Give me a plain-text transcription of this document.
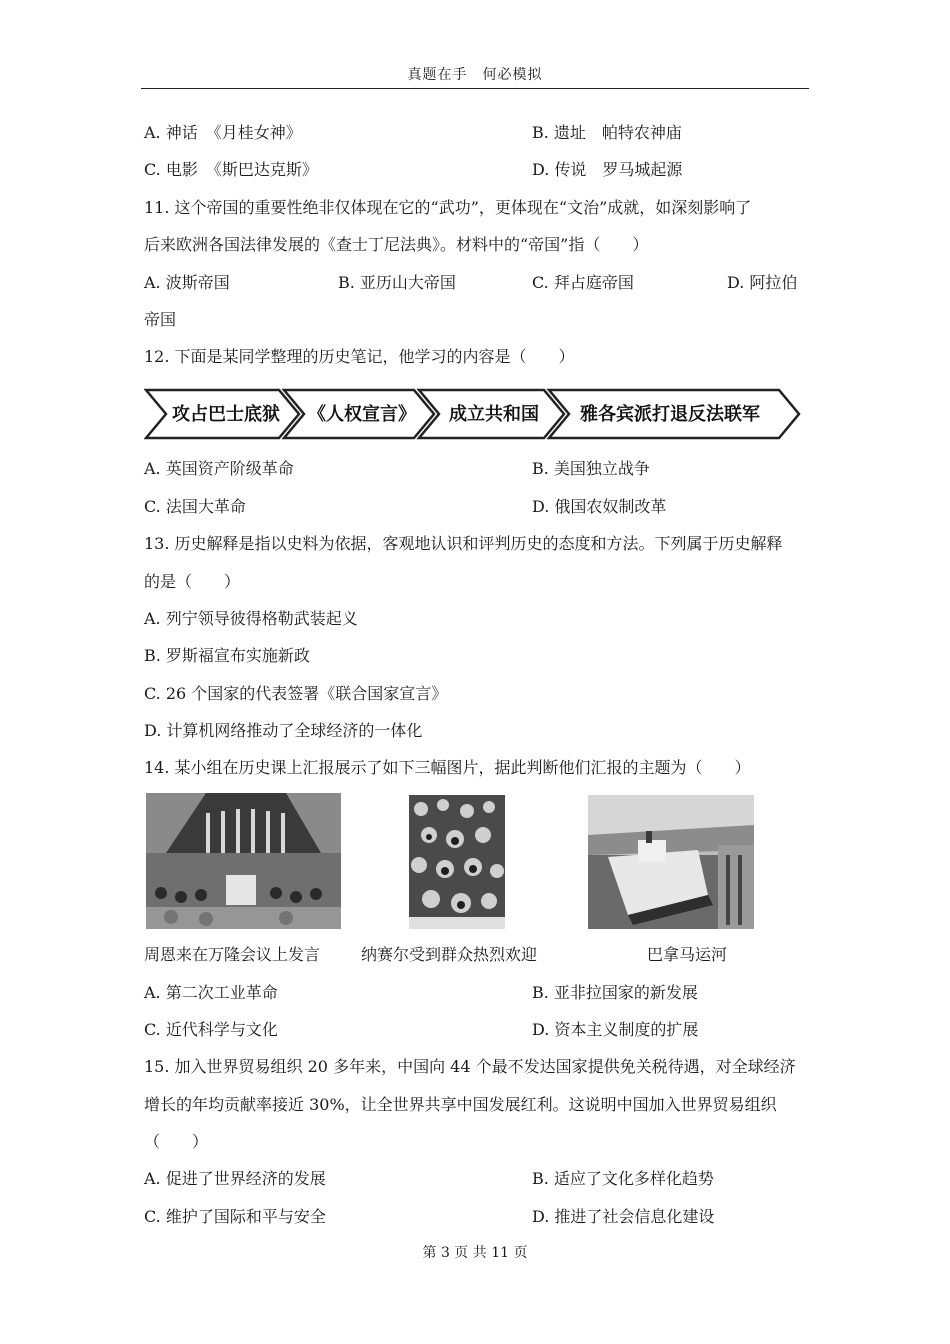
真题在手　何必模拟
A. 神话　《月桂女神》	B. 遗址　帕特农神庙
C. 电影　《斯巴达克斯》	D. 传说　罗马城起源
11. 这个帝国的重要性绝非仅体现在它的“武功”，更体现在“文治”成就，如深刻影响了
后来欧洲各国法律发展的《查士丁尼法典》。材料中的“帝国”指（　　）
A. 波斯帝国	B. 亚历山大帝国	C. 拜占庭帝国	D. 阿拉伯
帝国
12. 下面是某同学整理的历史笔记，他学习的内容是（　　）
攻占巴士底狱 《人权宣言》 成立共和国 雅各宾派打退反法联军
A. 英国资产阶级革命	B. 美国独立战争
C. 法国大革命	D. 俄国农奴制改革
13. 历史解释是指以史料为依据，客观地认识和评判历史的态度和方法。下列属于历史解释
的是（　　）
A. 列宁领导彼得格勒武装起义
B. 罗斯福宣布实施新政
C. 26 个国家的代表签署《联合国家宣言》
D. 计算机网络推动了全球经济的一体化
14. 某小组在历史课上汇报展示了如下三幅图片，据此判断他们汇报的主题为（　　）
周恩来在万隆会议上发言	纳赛尔受到群众热烈欢迎	巴拿马运河
A. 第二次工业革命	B. 亚非拉国家的新发展
C. 近代科学与文化	D. 资本主义制度的扩展
15. 加入世界贸易组织 20 多年来，中国向 44 个最不发达国家提供免关税待遇，对全球经济
增长的年均贡献率接近 30%，让全世界共享中国发展红利。这说明中国加入世界贸易组织
（　　）
A. 促进了世界经济的发展	B. 适应了文化多样化趋势
C. 维护了国际和平与安全	D. 推进了社会信息化建设
第 3 页 共 11 页
